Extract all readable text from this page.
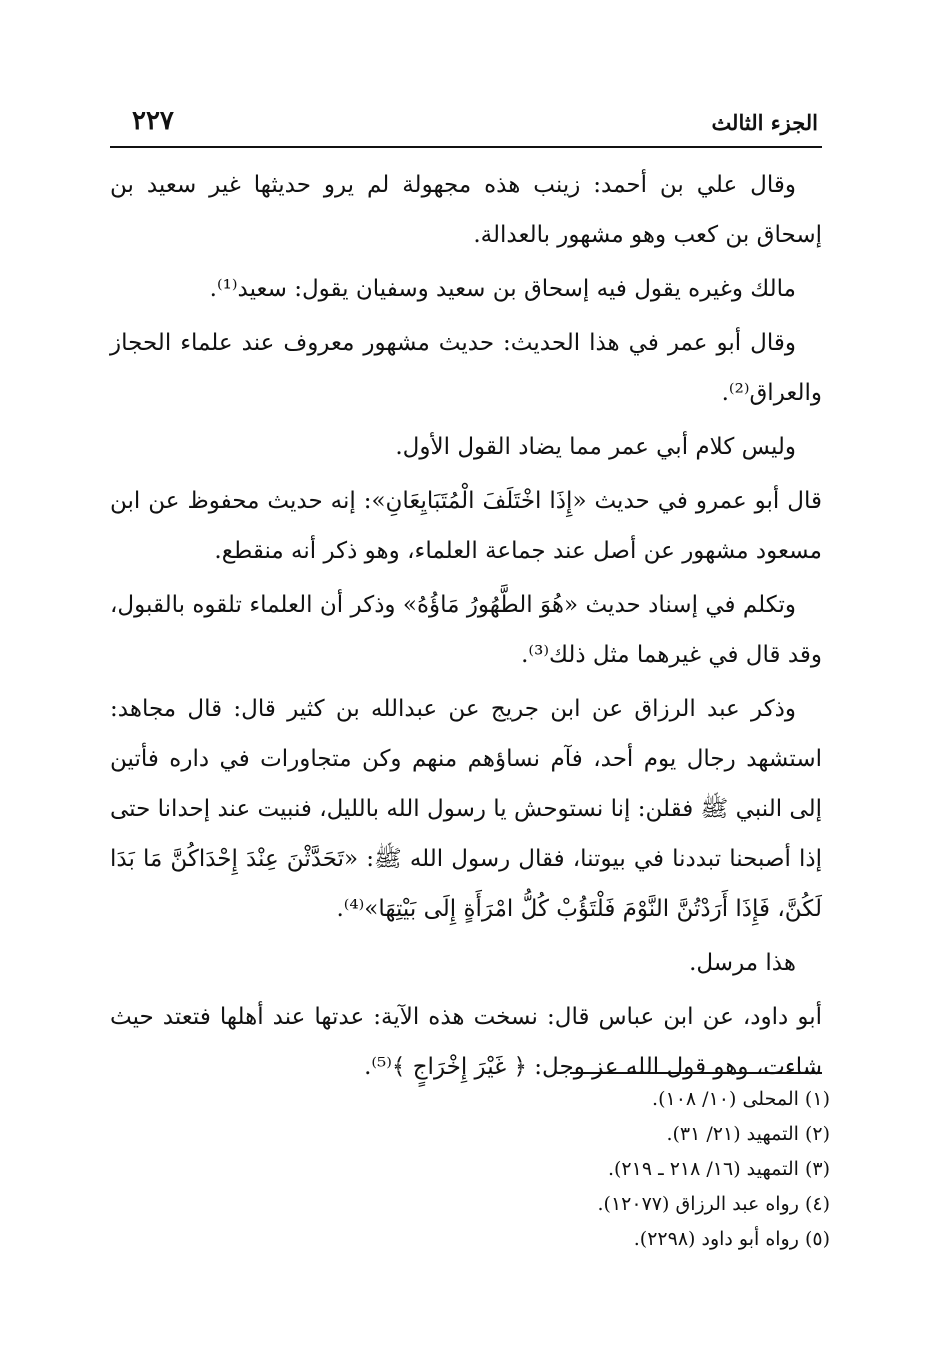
٢٢٧	الجزء الثالث

وقال علي بن أحمد: زينب هذه مجهولة لم يرو حديثها غير سعيد بن إسحاق بن كعب وهو مشهور بالعدالة.

مالك وغيره يقول فيه إسحاق بن سعيد وسفيان يقول: سعيد⁽¹⁾.

وقال أبو عمر في هذا الحديث: حديث مشهور معروف عند علماء الحجاز والعراق⁽²⁾.

وليس كلام أبي عمر مما يضاد القول الأول.

قال أبو عمرو في حديث «إِذَا اخْتَلَفَ الْمُتَبَايِعَانِ»: إنه حديث محفوظ عن ابن مسعود مشهور عن أصل عند جماعة العلماء، وهو ذكر أنه منقطع.

وتكلم في إسناد حديث «هُوَ الطَّهُورُ مَاؤُهُ» وذكر أن العلماء تلقوه بالقبول، وقد قال في غيرهما مثل ذلك⁽³⁾.

وذكر عبد الرزاق عن ابن جريج عن عبدالله بن كثير قال: قال مجاهد: استشهد رجال يوم أحد، فآم نساؤهم منهم وكن متجاورات في داره فأتين إلى النبي ﷺ فقلن: إنا نستوحش يا رسول الله بالليل، فنبيت عند إحدانا حتى إذا أصبحنا تبددنا في بيوتنا، فقال رسول الله ﷺ: «تَحَدَّثْنَ عِنْدَ إِحْدَاكُنَّ مَا بَدَا لَكُنَّ، فَإِذَا أَرَدْتُنَّ النَّوْمَ فَلْتَؤُبْ كُلُّ امْرَأَةٍ إِلَى بَيْتِهَا»⁽⁴⁾.

هذا مرسل.

أبو داود، عن ابن عباس قال: نسخت هذه الآية: عدتها عند أهلها فتعتد حيث شاءت، وهو قول الله عز وجل: ﴿ غَيْرَ إِخْرَاجٍ ﴾⁽⁵⁾.

(١) المحلى (١٠/ ١٠٨).

(٢) التمهيد (٢١/ ٣١).

(٣) التمهيد (١٦/ ٢١٨ ـ ٢١٩).

(٤) رواه عبد الرزاق (١٢٠٧٧).

(٥) رواه أبو داود (٢٢٩٨).
